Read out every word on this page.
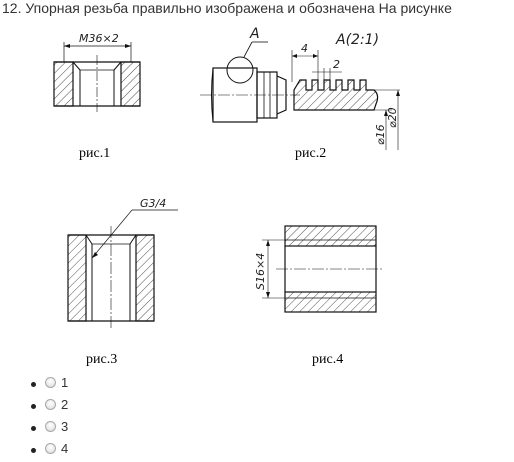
12. Упорная резьба правильно изображена и обозначена На рисунке
M36×2	A	A(2:1)
4
2
⌀16
⌀20
G3/4
S16×4
рис.1	рис.2
рис.3	рис.4
1
2
3
4
